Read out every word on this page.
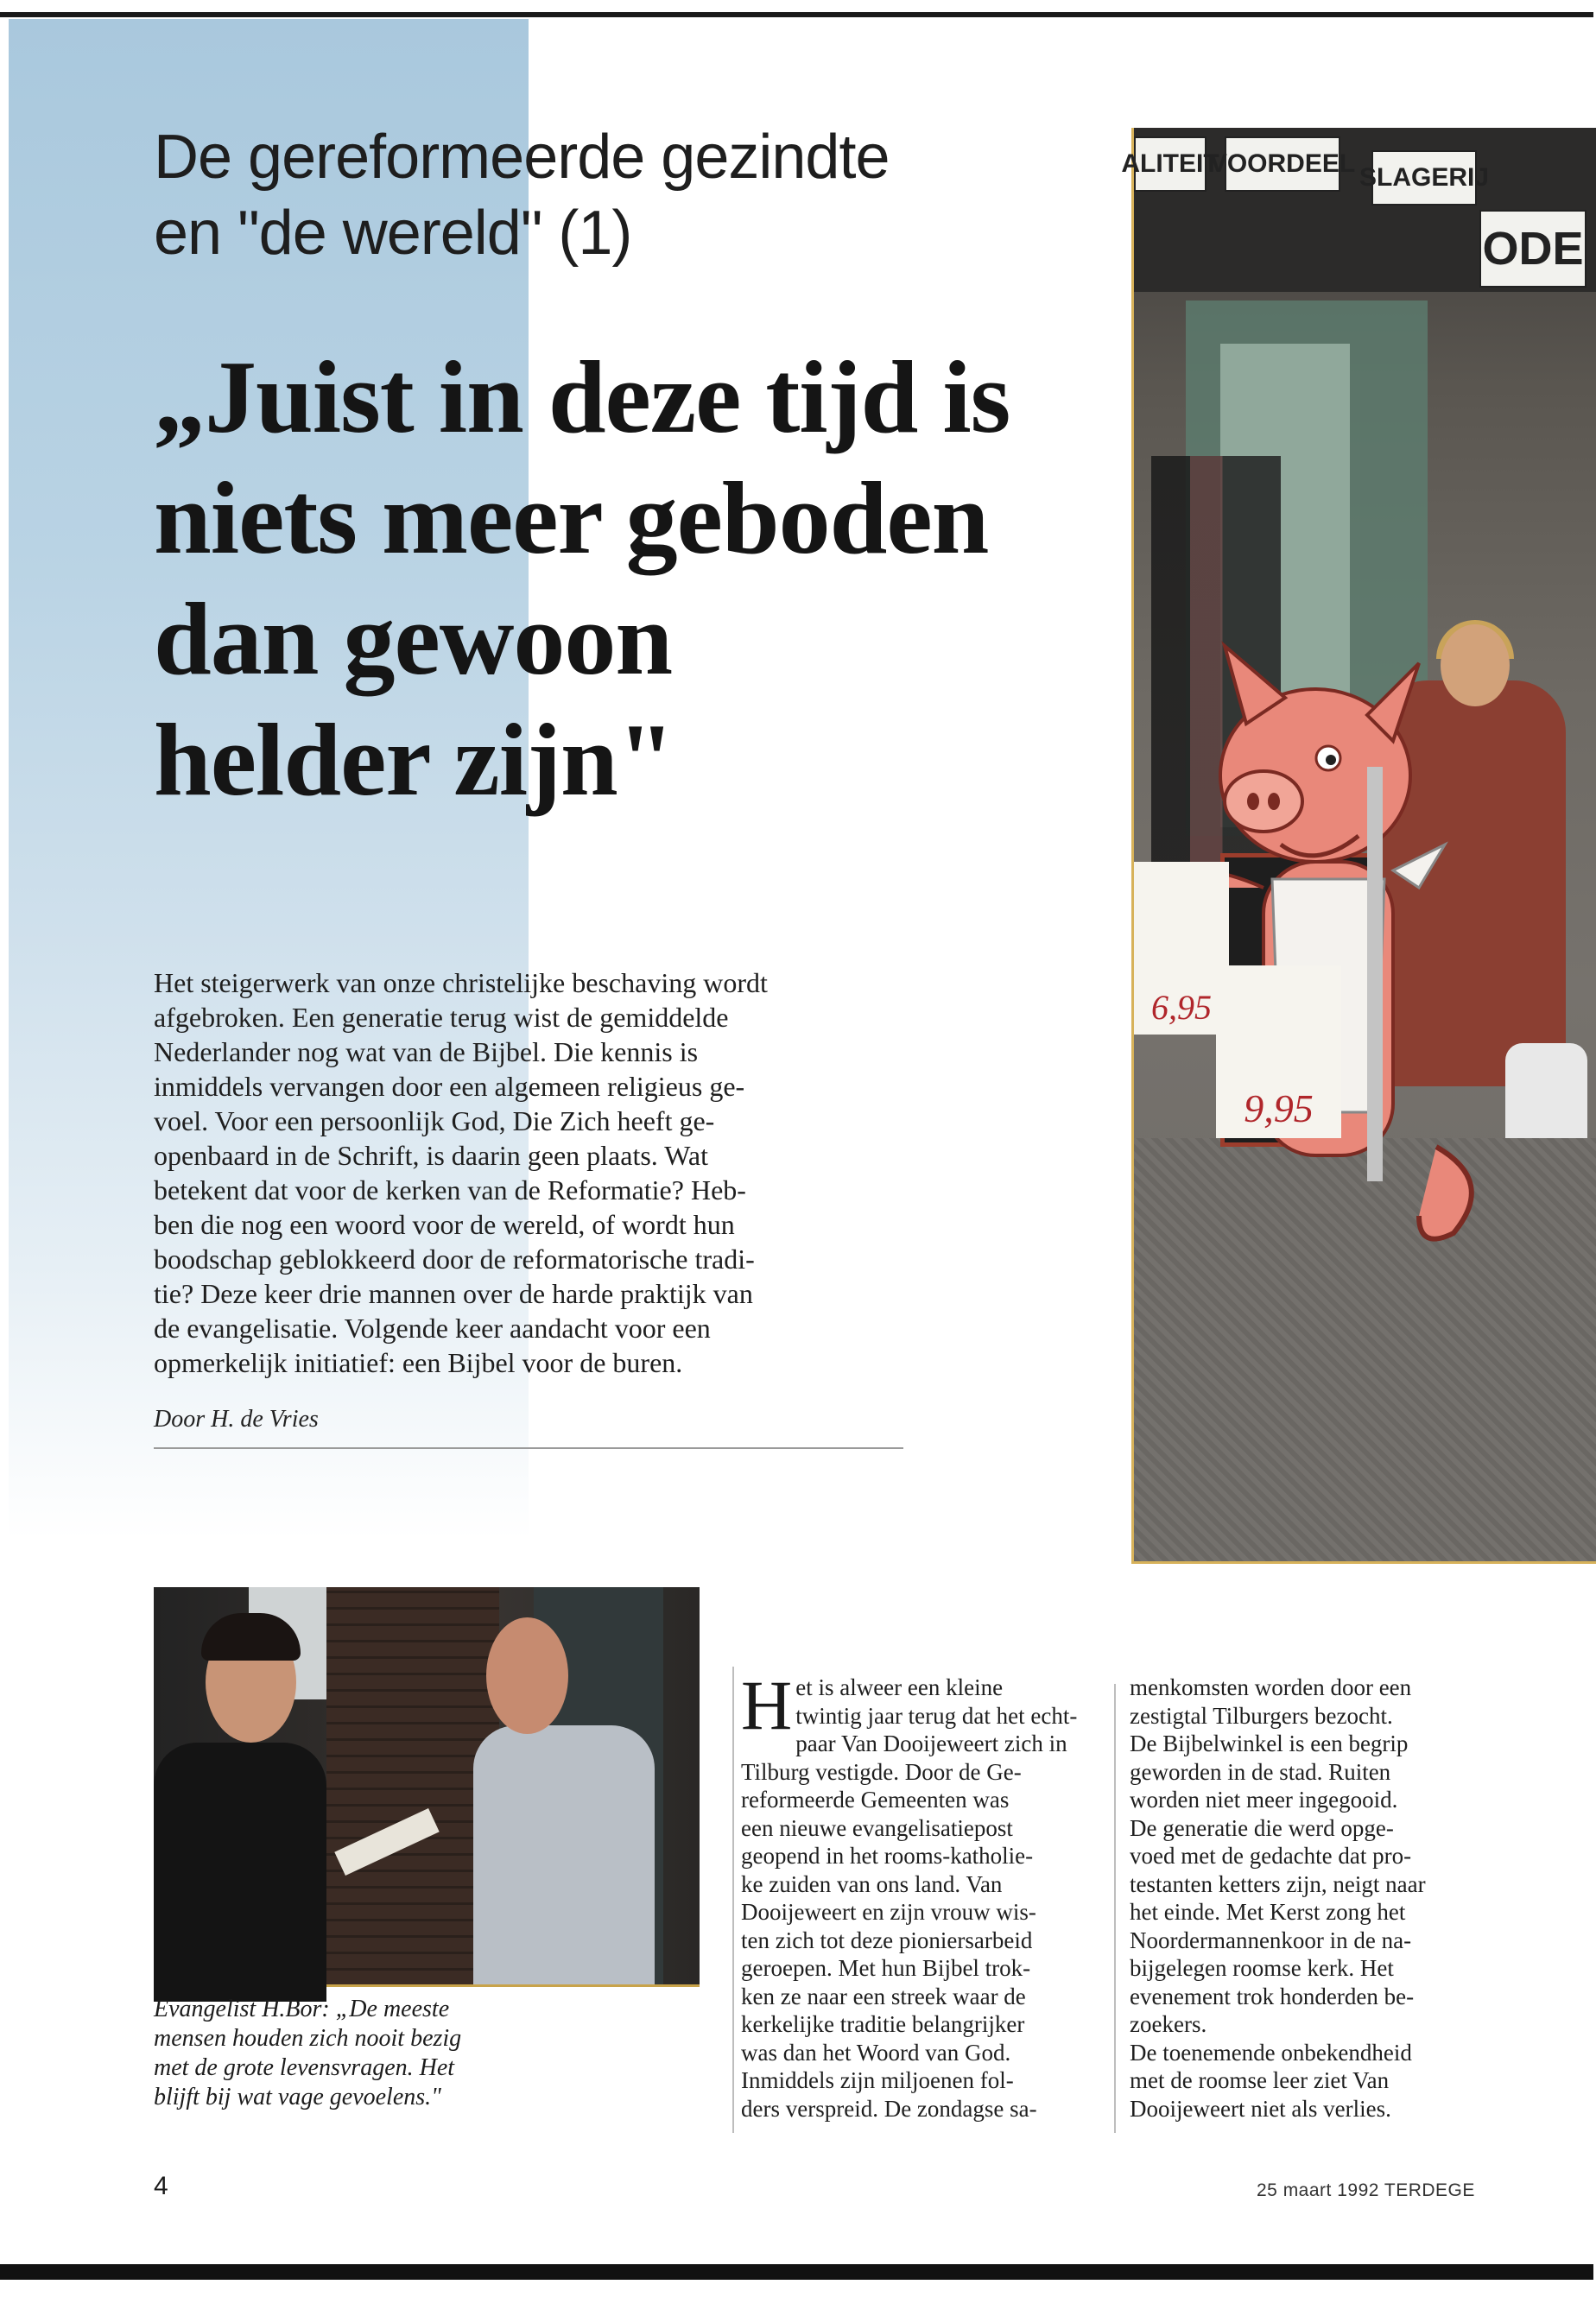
De gereformeerde gezindte
en "de wereld" (1)
„Juist in deze tijd is
niets meer geboden
dan gewoon
helder zijn"

Het steigerwerk van onze christelijke beschaving wordt
afgebroken. Een generatie terug wist de gemiddelde
Nederlander nog wat van de Bijbel. Die kennis is
inmiddels vervangen door een algemeen religieus ge-
voel. Voor een persoonlijk God, Die Zich heeft ge-
openbaard in de Schrift, is daarin geen plaats. Wat
betekent dat voor de kerken van de Reformatie? Heb-
ben die nog een woord voor de wereld, of wordt hun
boodschap geblokkeerd door de reformatorische tradi-
tie? Deze keer drie mannen over de harde praktijk van
de evangelisatie. Volgende keer aandacht voor een
opmerkelijk initiatief: een Bijbel voor de buren.

Door H. de Vries
ALITEIT
VOORDEEL SLAGERIJ
ODE
6,95
9,95

Evangelist H.Bor: „De meeste
mensen houden zich nooit bezig
met de grote levensvragen. Het
blijft bij wat vage gevoelens."

H et is alweer een kleine
twintig jaar terug dat het echt-
paar Van Dooijeweert zich in
Tilburg vestigde. Door de Ge-
reformeerde Gemeenten was
een nieuwe evangelisatiepost
geopend in het rooms-katholie-
ke zuiden van ons land. Van
Dooijeweert en zijn vrouw wis-
ten zich tot deze pioniersarbeid
geroepen. Met hun Bijbel trok-
ken ze naar een streek waar de
kerkelijke traditie belangrijker
was dan het Woord van God.
Inmiddels zijn miljoenen fol-
ders verspreid. De zondagse sa-

menkomsten worden door een
zestigtal Tilburgers bezocht.
De Bijbelwinkel is een begrip
geworden in de stad. Ruiten
worden niet meer ingegooid.
De generatie die werd opge-
voed met de gedachte dat pro-
testanten ketters zijn, neigt naar
het einde. Met Kerst zong het
Noordermannenkoor in de na-
bijgelegen roomse kerk. Het
evenement trok honderden be-
zoekers.
De toenemende onbekendheid
met de roomse leer ziet Van
Dooijeweert niet als verlies.

4	25 maart 1992 TERDEGE
